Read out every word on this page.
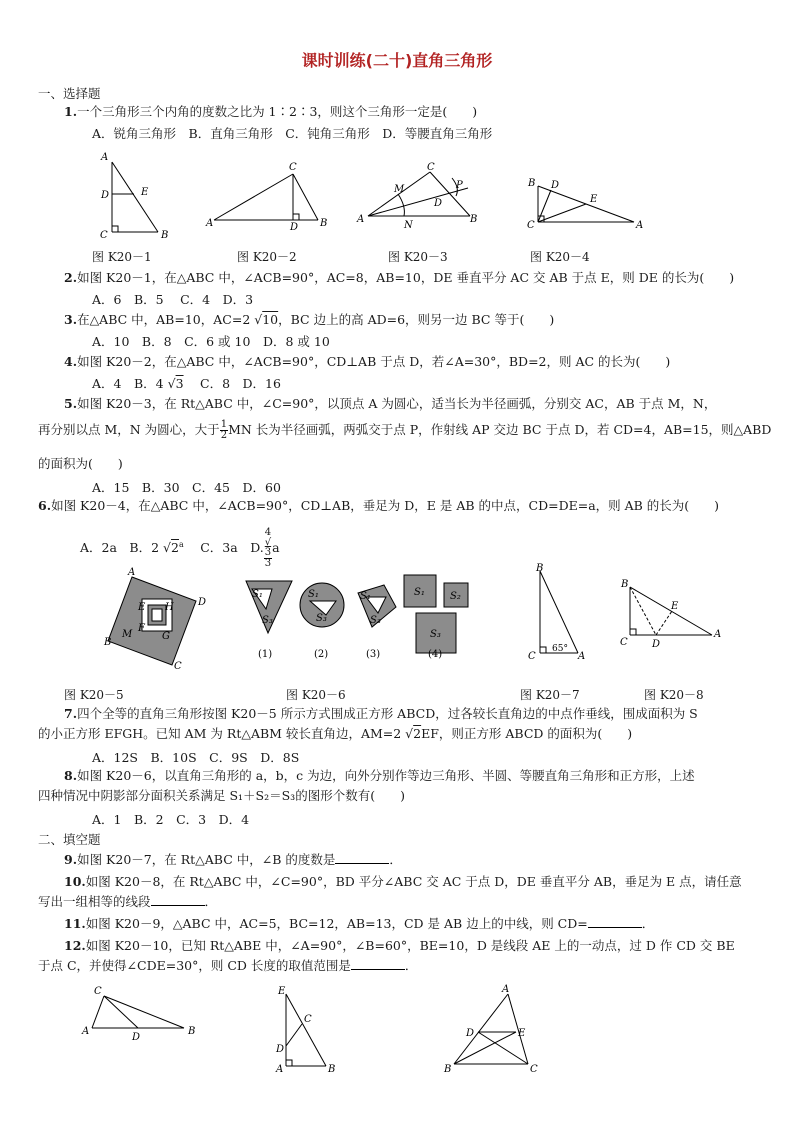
课时训练(二十)直角三角形
一、选择题
1.一个三角形三个内角的度数之比为 1∶2∶3，则这个三角形一定是(　　)
A．锐角三角形　B．直角三角形　C．钝角三角形　D．等腰直角三角形
A
D	E
C	B
A
C
D B	A
M
N
C
D
P
B
B D
E
C	A
图 K20－1	图 K20－2	图 K20－3	图 K20－4
2.如图 K20－1，在△ABC 中，∠ACB=90°，AC=8，AB=10，DE 垂直平分 AC 交 AB 于点 E，则 DE 的长为(　　)
A．6　B．5　 C．4　D．3
3.在△ABC 中，AB=10，AC=2 √10，BC 边上的高 AD=6，则另一边 BC 等于(　　)
A．10　B．8　C．6 或 10　D．8 或 10
4.如图 K20－2，在△ABC 中，∠ACB=90°，CD⊥AB 于点 D，若∠A=30°，BD=2，则 AC 的长为(　　)
A．4　B．4 √3　 C．8　D．16
5.如图 K20－3，在 Rt△ABC 中，∠C=90°，以顶点 A 为圆心，适当长为半径画弧，分别交 AC，AB 于点 M，N，
再分别以点 M，N 为圆心，大于 $\frac{1}{2}$ MN 长为半径画弧，两弧交于点 P，作射线 AP 交边 BC 于点 D，若 CD=4，AB=15，则△ABD
的面积为(　　)
A．15　B．30　C．45　D．60
6.如图 K20－4，在△ABC 中，∠ACB=90°，CD⊥AB，垂足为 D，E 是 AB 的中点，CD=DE=a，则 AB 的长为(　　)
A．2a　B．2 √2$^a$　 C．3a　D. 4
√
3
3 a
A
D
B
C
E H
F
G
M
S₁
S₃
S₁
S₃
S₁
S₃
S₁	S₂
S₃
(1)	(2)	(3)	(4)
B
C	A
65°
B
E
C D
A
图 K20－5	图 K20－6	图 K20－7	图 K20－8
7.四个全等的直角三角形按图 K20－5 所示方式围成正方形 ABCD，过各较长直角边的中点作垂线，围成面积为 S
的小正方形 EFGH。已知 AM 为 Rt△ABM 较长直角边，AM=2 √2EF，则正方形 ABCD 的面积为(　　)
A．12S　B．10S　C．9S　D．8S
8.如图 K20－6，以直角三角形的 a，b，c 为边，向外分别作等边三角形、半圆、等腰直角三角形和正方形，上述
四种情况中阴影部分面积关系满足 S₁＋S₂＝S₃的图形个数有(　　)
A．1　B．2　C．3　D．4
二、填空题
9.如图 K20－7，在 Rt△ABC 中，∠B 的度数是	．
10.如图 K20－8，在 Rt△ABC 中，∠C=90°，BD 平分∠ABC 交 AC 于点 D，DE 垂直平分 AB，垂足为 E 点，请任意
写出一组相等的线段	．
11.如图 K20－9，△ABC 中，AC=5，BC=12，AB=13，CD 是 AB 边上的中线，则 CD=	．
12.如图 K20－10，已知 Rt△ABE 中，∠A=90°，∠B=60°，BE=10，D 是线段 AE 上的一动点，过 D 作 CD 交 BE
于点 C，并使得∠CDE=30°，则 CD 长度的取值范围是	．
C
A
D
B
E
C
D
A	B
A
D	E
B	C
